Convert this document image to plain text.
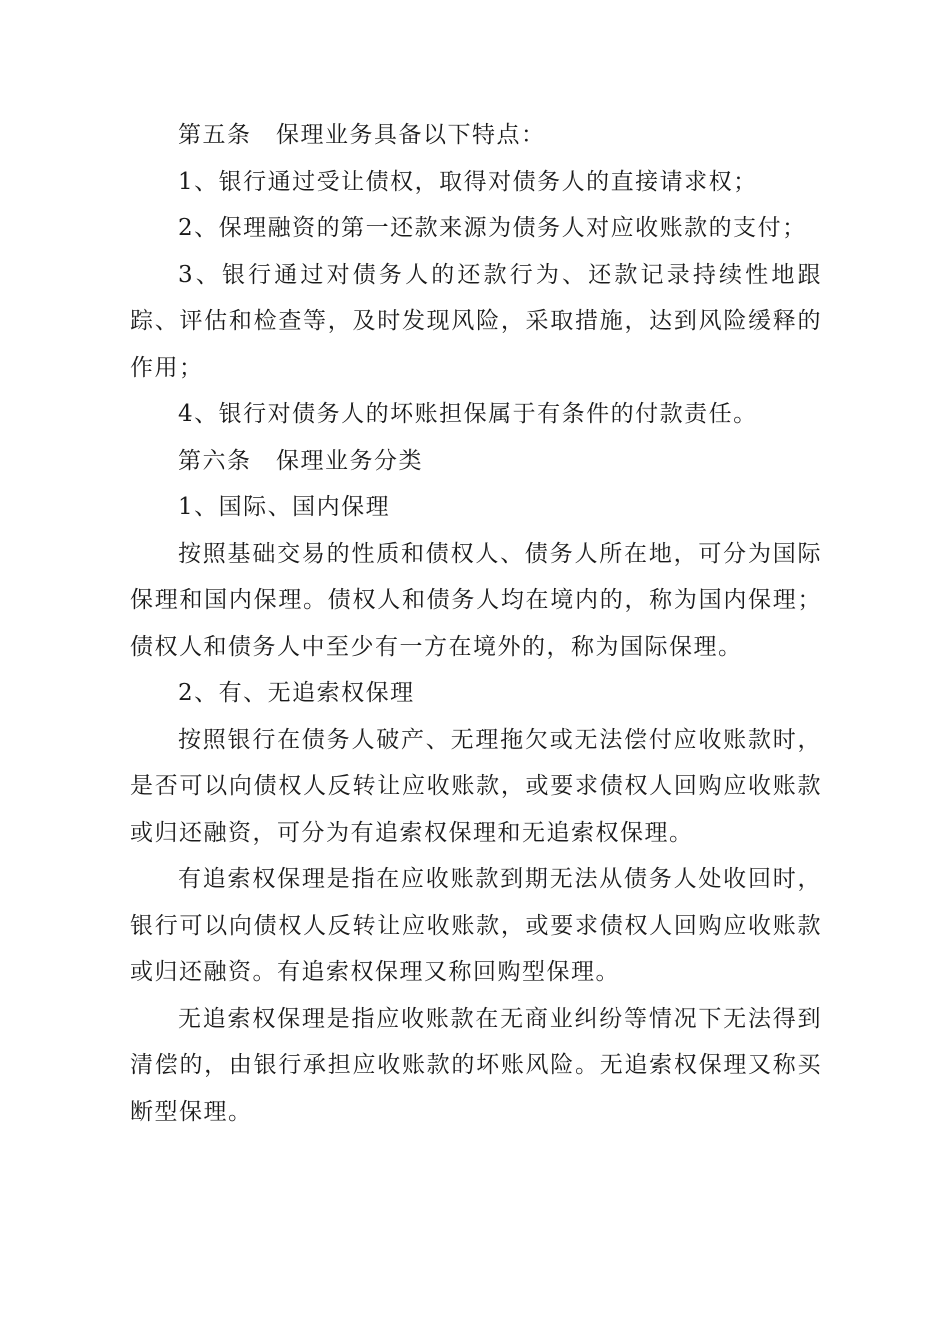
第五条　保理业务具备以下特点：

1、银行通过受让债权，取得对债务人的直接请求权；

2、保理融资的第一还款来源为债务人对应收账款的支付；

3、银行通过对债务人的还款行为、还款记录持续性地跟踪、评估和检查等，及时发现风险，采取措施，达到风险缓释的作用；

4、银行对债务人的坏账担保属于有条件的付款责任。

第六条　保理业务分类

1、国际、国内保理

按照基础交易的性质和债权人、债务人所在地，可分为国际保理和国内保理。债权人和债务人均在境内的，称为国内保理；债权人和债务人中至少有一方在境外的，称为国际保理。

2、有、无追索权保理

按照银行在债务人破产、无理拖欠或无法偿付应收账款时，是否可以向债权人反转让应收账款，或要求债权人回购应收账款或归还融资，可分为有追索权保理和无追索权保理。

有追索权保理是指在应收账款到期无法从债务人处收回时，银行可以向债权人反转让应收账款，或要求债权人回购应收账款或归还融资。有追索权保理又称回购型保理。

无追索权保理是指应收账款在无商业纠纷等情况下无法得到清偿的，由银行承担应收账款的坏账风险。无追索权保理又称买断型保理。
